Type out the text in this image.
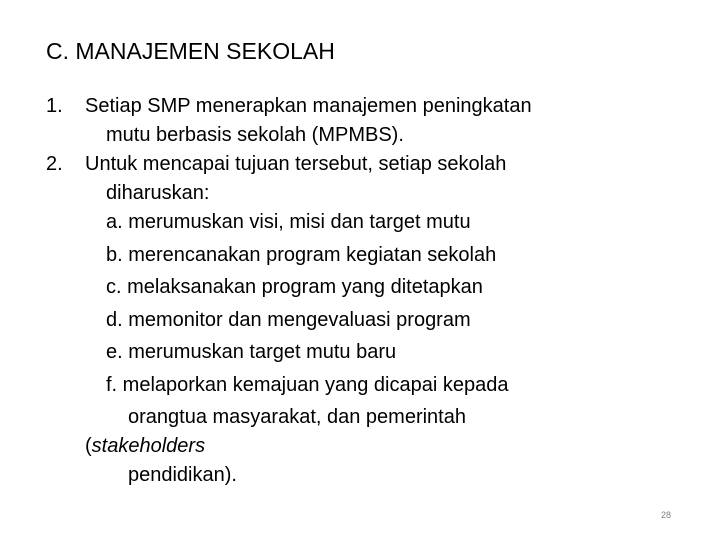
C. MANAJEMEN SEKOLAH
1. Setiap SMP menerapkan manajemen peningkatan
mutu berbasis sekolah (MPMBS).
2. Untuk mencapai tujuan tersebut, setiap sekolah
diharuskan:
a. merumuskan visi, misi dan target mutu
b. merencanakan program kegiatan sekolah
c. melaksanakan program yang ditetapkan
d. memonitor dan mengevaluasi program
e. merumuskan target mutu baru
f. melaporkan kemajuan yang dicapai kepada
orangtua masyarakat, dan pemerintah
(stakeholders
pendidikan).
28
